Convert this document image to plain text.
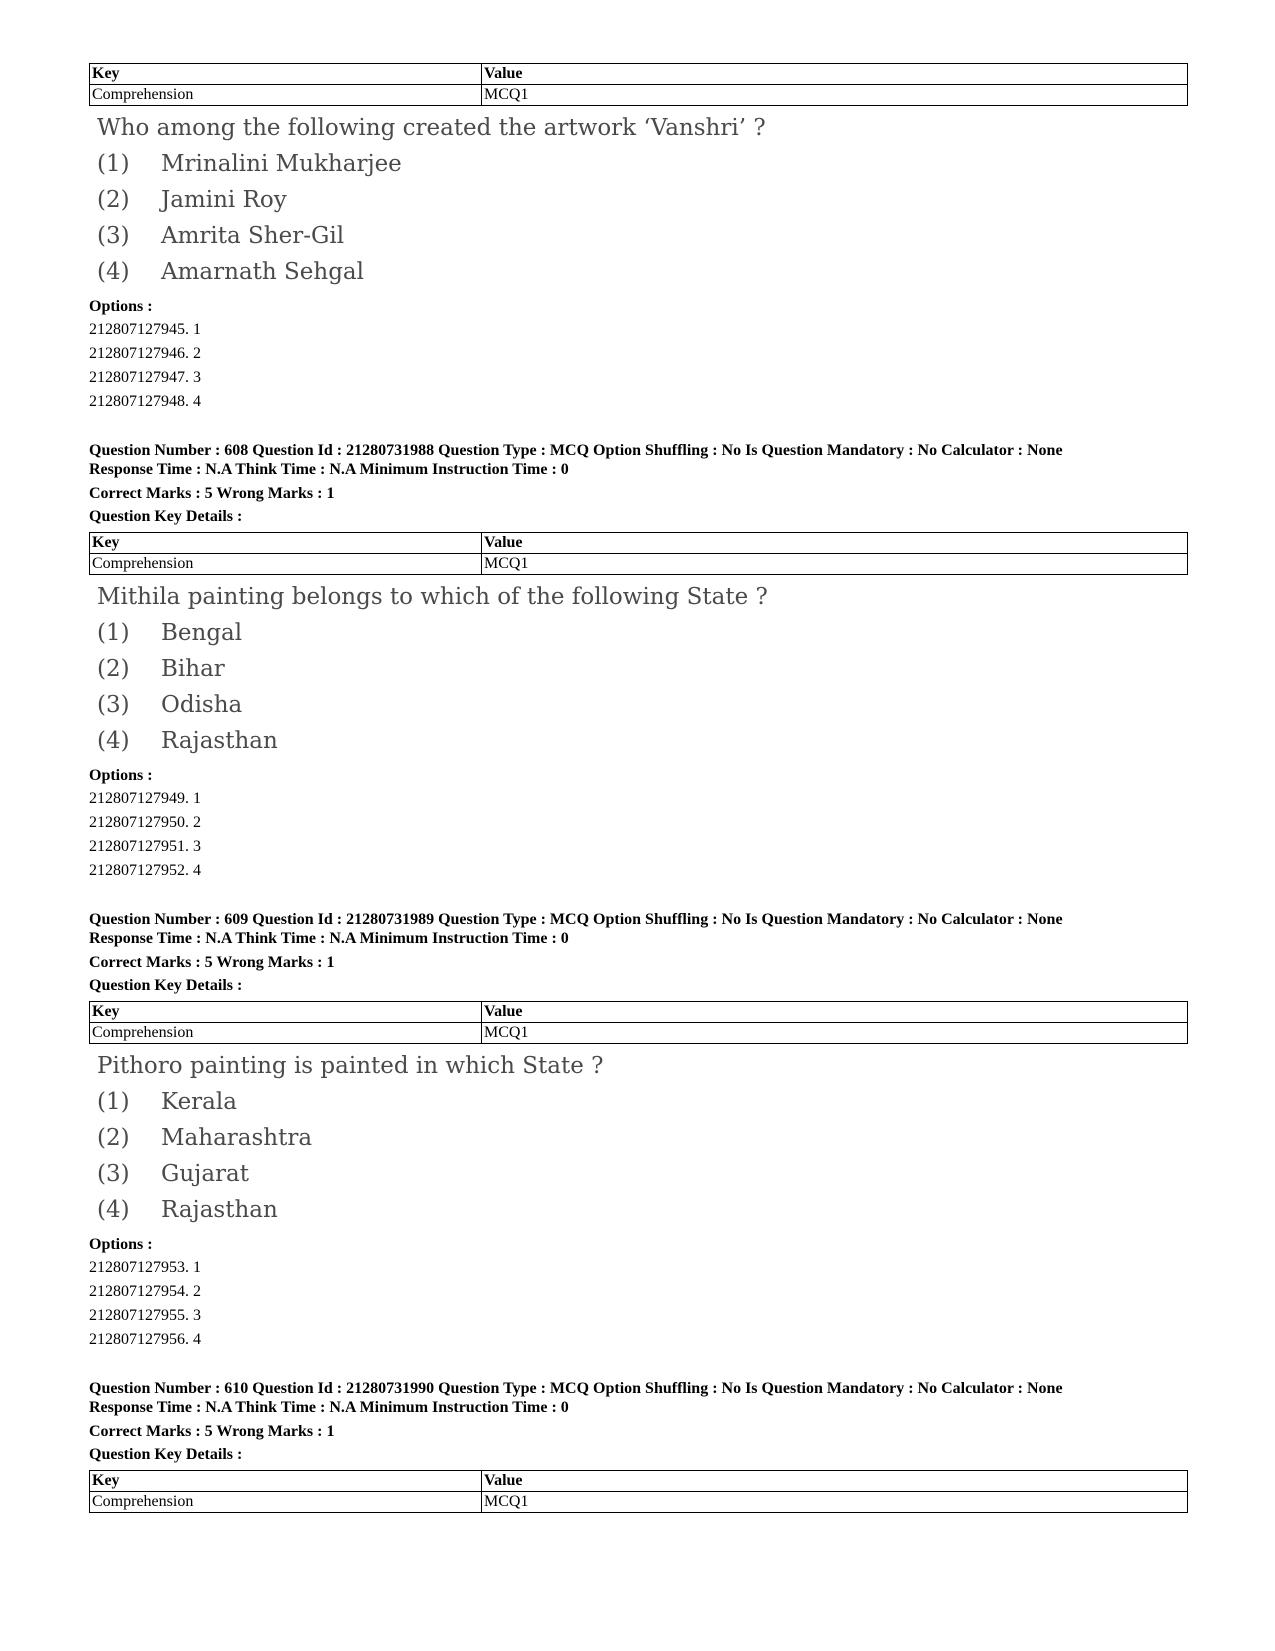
Key	Value
Comprehension	MCQ1
Who among the following created the artwork ‘Vanshri’ ?
(1)	Mrinalini Mukharjee
(2)	Jamini Roy
(3)	Amrita Sher-Gil
(4)	Amarnath Sehgal
Options :
212807127945. 1
212807127946. 2
212807127947. 3
212807127948. 4
Question Number : 608 Question Id : 21280731988 Question Type : MCQ Option Shuffling : No Is Question Mandatory : No Calculator : None
Response Time : N.A Think Time : N.A Minimum Instruction Time : 0
Correct Marks : 5 Wrong Marks : 1
Question Key Details :
Key	Value
Comprehension	MCQ1
Mithila painting belongs to which of the following State ?
(1)	Bengal
(2)	Bihar
(3)	Odisha
(4)	Rajasthan
Options :
212807127949. 1
212807127950. 2
212807127951. 3
212807127952. 4
Question Number : 609 Question Id : 21280731989 Question Type : MCQ Option Shuffling : No Is Question Mandatory : No Calculator : None
Response Time : N.A Think Time : N.A Minimum Instruction Time : 0
Correct Marks : 5 Wrong Marks : 1
Question Key Details :
Key	Value
Comprehension	MCQ1
Pithoro painting is painted in which State ?
(1)	Kerala
(2)	Maharashtra
(3)	Gujarat
(4)	Rajasthan
Options :
212807127953. 1
212807127954. 2
212807127955. 3
212807127956. 4
Question Number : 610 Question Id : 21280731990 Question Type : MCQ Option Shuffling : No Is Question Mandatory : No Calculator : None
Response Time : N.A Think Time : N.A Minimum Instruction Time : 0
Correct Marks : 5 Wrong Marks : 1
Question Key Details :
Key	Value
Comprehension	MCQ1
